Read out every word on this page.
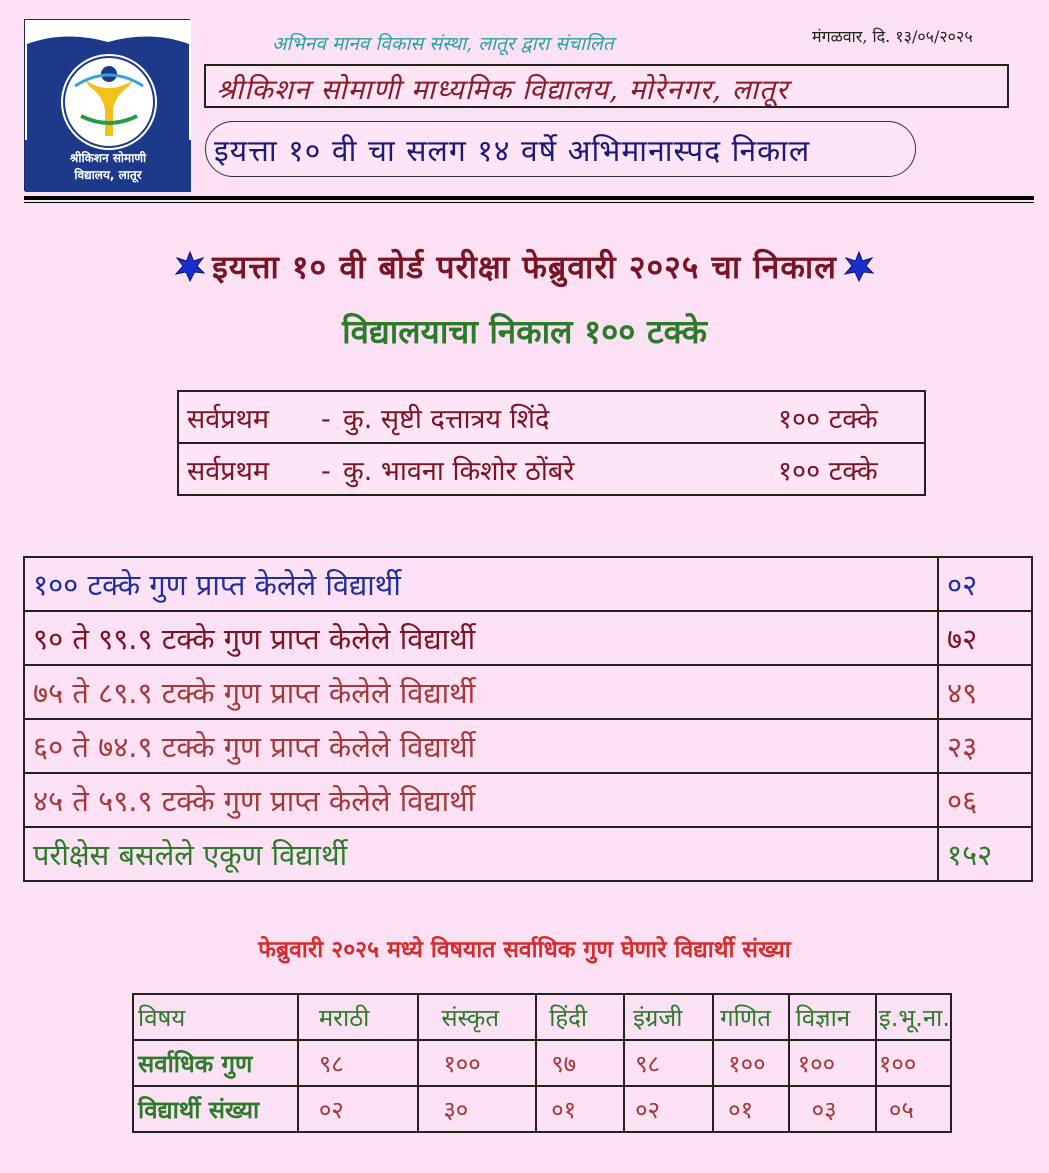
श्रीकिशन सोमाणी
विद्यालय, लातूर
अभिनव मानव विकास संस्था, लातूर द्वारा संचालित	मंगळवार, दि. १३/०५/२०२५
श्रीकिशन सोमाणी माध्यमिक विद्यालय, मोरेनगर, लातूर
इयत्ता १० वी चा सलग १४ वर्षे अभिमानास्पद निकाल
इयत्ता १० वी बोर्ड परीक्षा फेब्रुवारी २०२५ चा निकाल
विद्यालयाचा निकाल १०० टक्के
सर्वप्रथम - कु. सृष्टी दत्तात्रय शिंदे	१०० टक्के
सर्वप्रथम - कु. भावना किशोर ठोंबरे	१०० टक्के
१०० टक्के गुण प्राप्त केलेले विद्यार्थी	०२
९० ते ९९.९ टक्के गुण प्राप्त केलेले विद्यार्थी	७२
७५ ते ८९.९ टक्के गुण प्राप्त केलेले विद्यार्थी	४९
६० ते ७४.९ टक्के गुण प्राप्त केलेले विद्यार्थी	२३
४५ ते ५९.९ टक्के गुण प्राप्त केलेले विद्यार्थी	०६
परीक्षेस बसलेले एकूण विद्यार्थी	१५२
फेब्रुवारी २०२५ मध्ये विषयात सर्वाधिक गुण घेणारे विद्यार्थी संख्या
विषय	मराठी	संस्कृत	हिंदी	इंग्रजी	गणित	विज्ञान	इ.भू.ना.
सर्वाधिक गुण	९८	१००	९७	९८	१००	१००	१००
विद्यार्थी संख्या	०२	३०	०१	०२	०१	०३	०५
